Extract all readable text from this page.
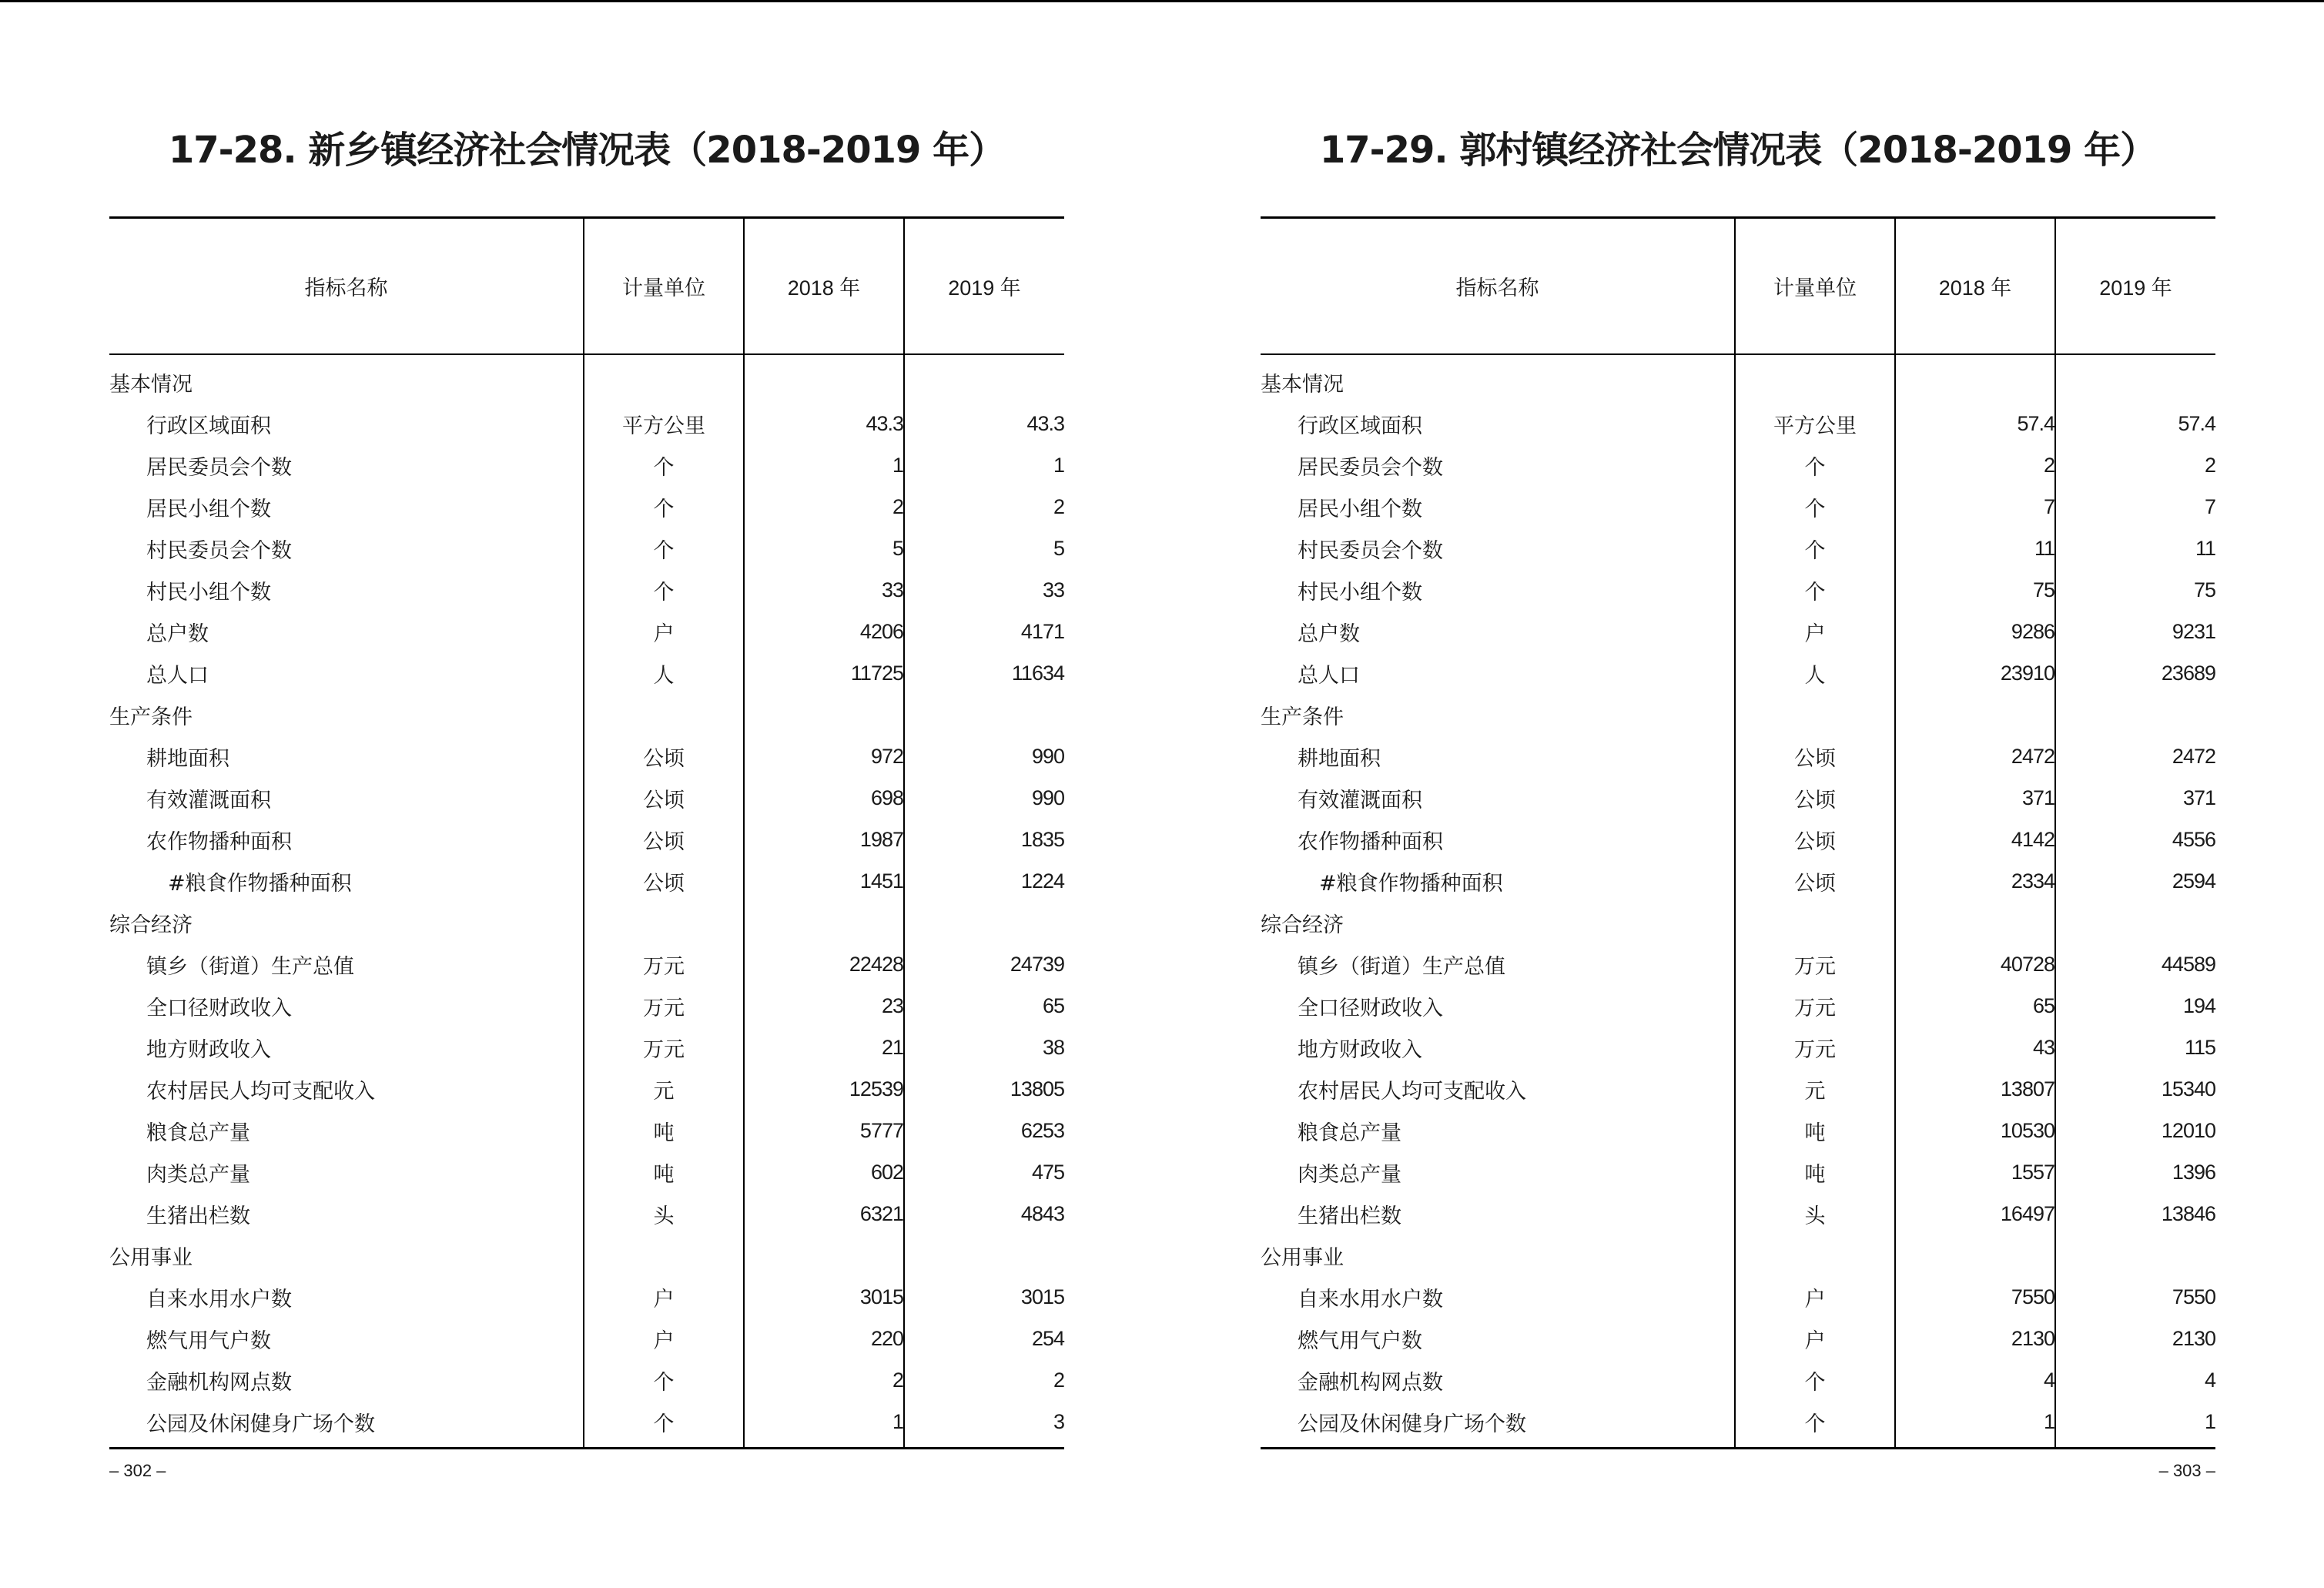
17-28. 新乡镇经济社会情况表（2018-2019 年）
指标名称	计量单位	2018 年	2019 年
基本情况			
行政区域面积	平方公里	43.3	43.3
居民委员会个数	个	1	1
居民小组个数	个	2	2
村民委员会个数	个	5	5
村民小组个数	个	33	33
总户数	户	4206	4171
总人口	人	11725	11634
生产条件			
耕地面积	公顷	972	990
有效灌溉面积	公顷	698	990
农作物播种面积	公顷	1987	1835
#粮食作物播种面积	公顷	1451	1224
综合经济			
镇乡（街道）生产总值	万元	22428	24739
全口径财政收入	万元	23	65
地方财政收入	万元	21	38
农村居民人均可支配收入	元	12539	13805
粮食总产量	吨	5777	6253
肉类总产量	吨	602	475
生猪出栏数	头	6321	4843
公用事业			
自来水用水户数	户	3015	3015
燃气用气户数	户	220	254
金融机构网点数	个	2	2
公园及休闲健身广场个数	个	1	3
– 302 –
17-29. 郭村镇经济社会情况表（2018-2019 年）
指标名称	计量单位	2018 年	2019 年
基本情况			
行政区域面积	平方公里	57.4	57.4
居民委员会个数	个	2	2
居民小组个数	个	7	7
村民委员会个数	个	11	11
村民小组个数	个	75	75
总户数	户	9286	9231
总人口	人	23910	23689
生产条件			
耕地面积	公顷	2472	2472
有效灌溉面积	公顷	371	371
农作物播种面积	公顷	4142	4556
#粮食作物播种面积	公顷	2334	2594
综合经济			
镇乡（街道）生产总值	万元	40728	44589
全口径财政收入	万元	65	194
地方财政收入	万元	43	115
农村居民人均可支配收入	元	13807	15340
粮食总产量	吨	10530	12010
肉类总产量	吨	1557	1396
生猪出栏数	头	16497	13846
公用事业			
自来水用水户数	户	7550	7550
燃气用气户数	户	2130	2130
金融机构网点数	个	4	4
公园及休闲健身广场个数	个	1	1
– 303 –
